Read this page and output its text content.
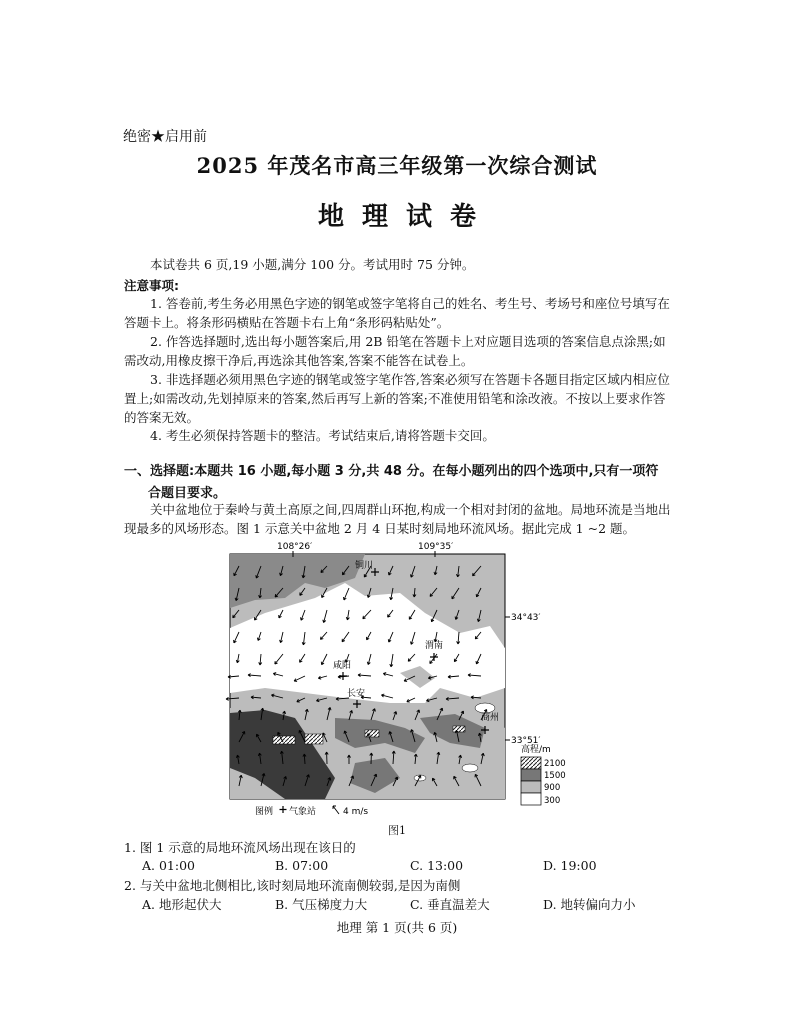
绝密★启用前
2025 年茂名市高三年级第一次综合测试
地理试卷
本试卷共 6 页,19 小题,满分 100 分。考试用时 75 分钟。
注意事项:
1. 答卷前,考生务必用黑色字迹的钢笔或签字笔将自己的姓名、考生号、考场号和座位号填写在答题卡上。将条形码横贴在答题卡右上角“条形码粘贴处”。
2. 作答选择题时,选出每小题答案后,用 2B 铅笔在答题卡上对应题目选项的答案信息点涂黑;如需改动,用橡皮擦干净后,再选涂其他答案,答案不能答在试卷上。
3. 非选择题必须用黑色字迹的钢笔或签字笔作答,答案必须写在答题卡各题目指定区域内相应位置上;如需改动,先划掉原来的答案,然后再写上新的答案;不准使用铅笔和涂改液。不按以上要求作答的答案无效。
4. 考生必须保持答题卡的整洁。考试结束后,请将答题卡交回。
一、选择题:本题共 16 小题,每小题 3 分,共 48 分。在每小题列出的四个选项中,只有一项符
合题目要求。
关中盆地位于秦岭与黄土高原之间,四周群山环抱,构成一个相对封闭的盆地。局地环流是当地出现最多的风场形态。图 1 示意关中盆地 2 月 4 日某时刻局地环流风场。据此完成 1 ~2 题。
铜川
渭南
咸阳
长安
商州
108°26′	109°35′
34°43′
33°51′
高程/m
2100
1500
900
300
图例 气象站	4 m/s
图1
1. 图 1 示意的局地环流风场出现在该日的
A. 01:00	B. 07:00	C. 13:00	D. 19:00
2. 与关中盆地北侧相比,该时刻局地环流南侧较弱,是因为南侧
A. 地形起伏大	B. 气压梯度力大	C. 垂直温差大	D. 地转偏向力小
地理 第 1 页(共 6 页)
